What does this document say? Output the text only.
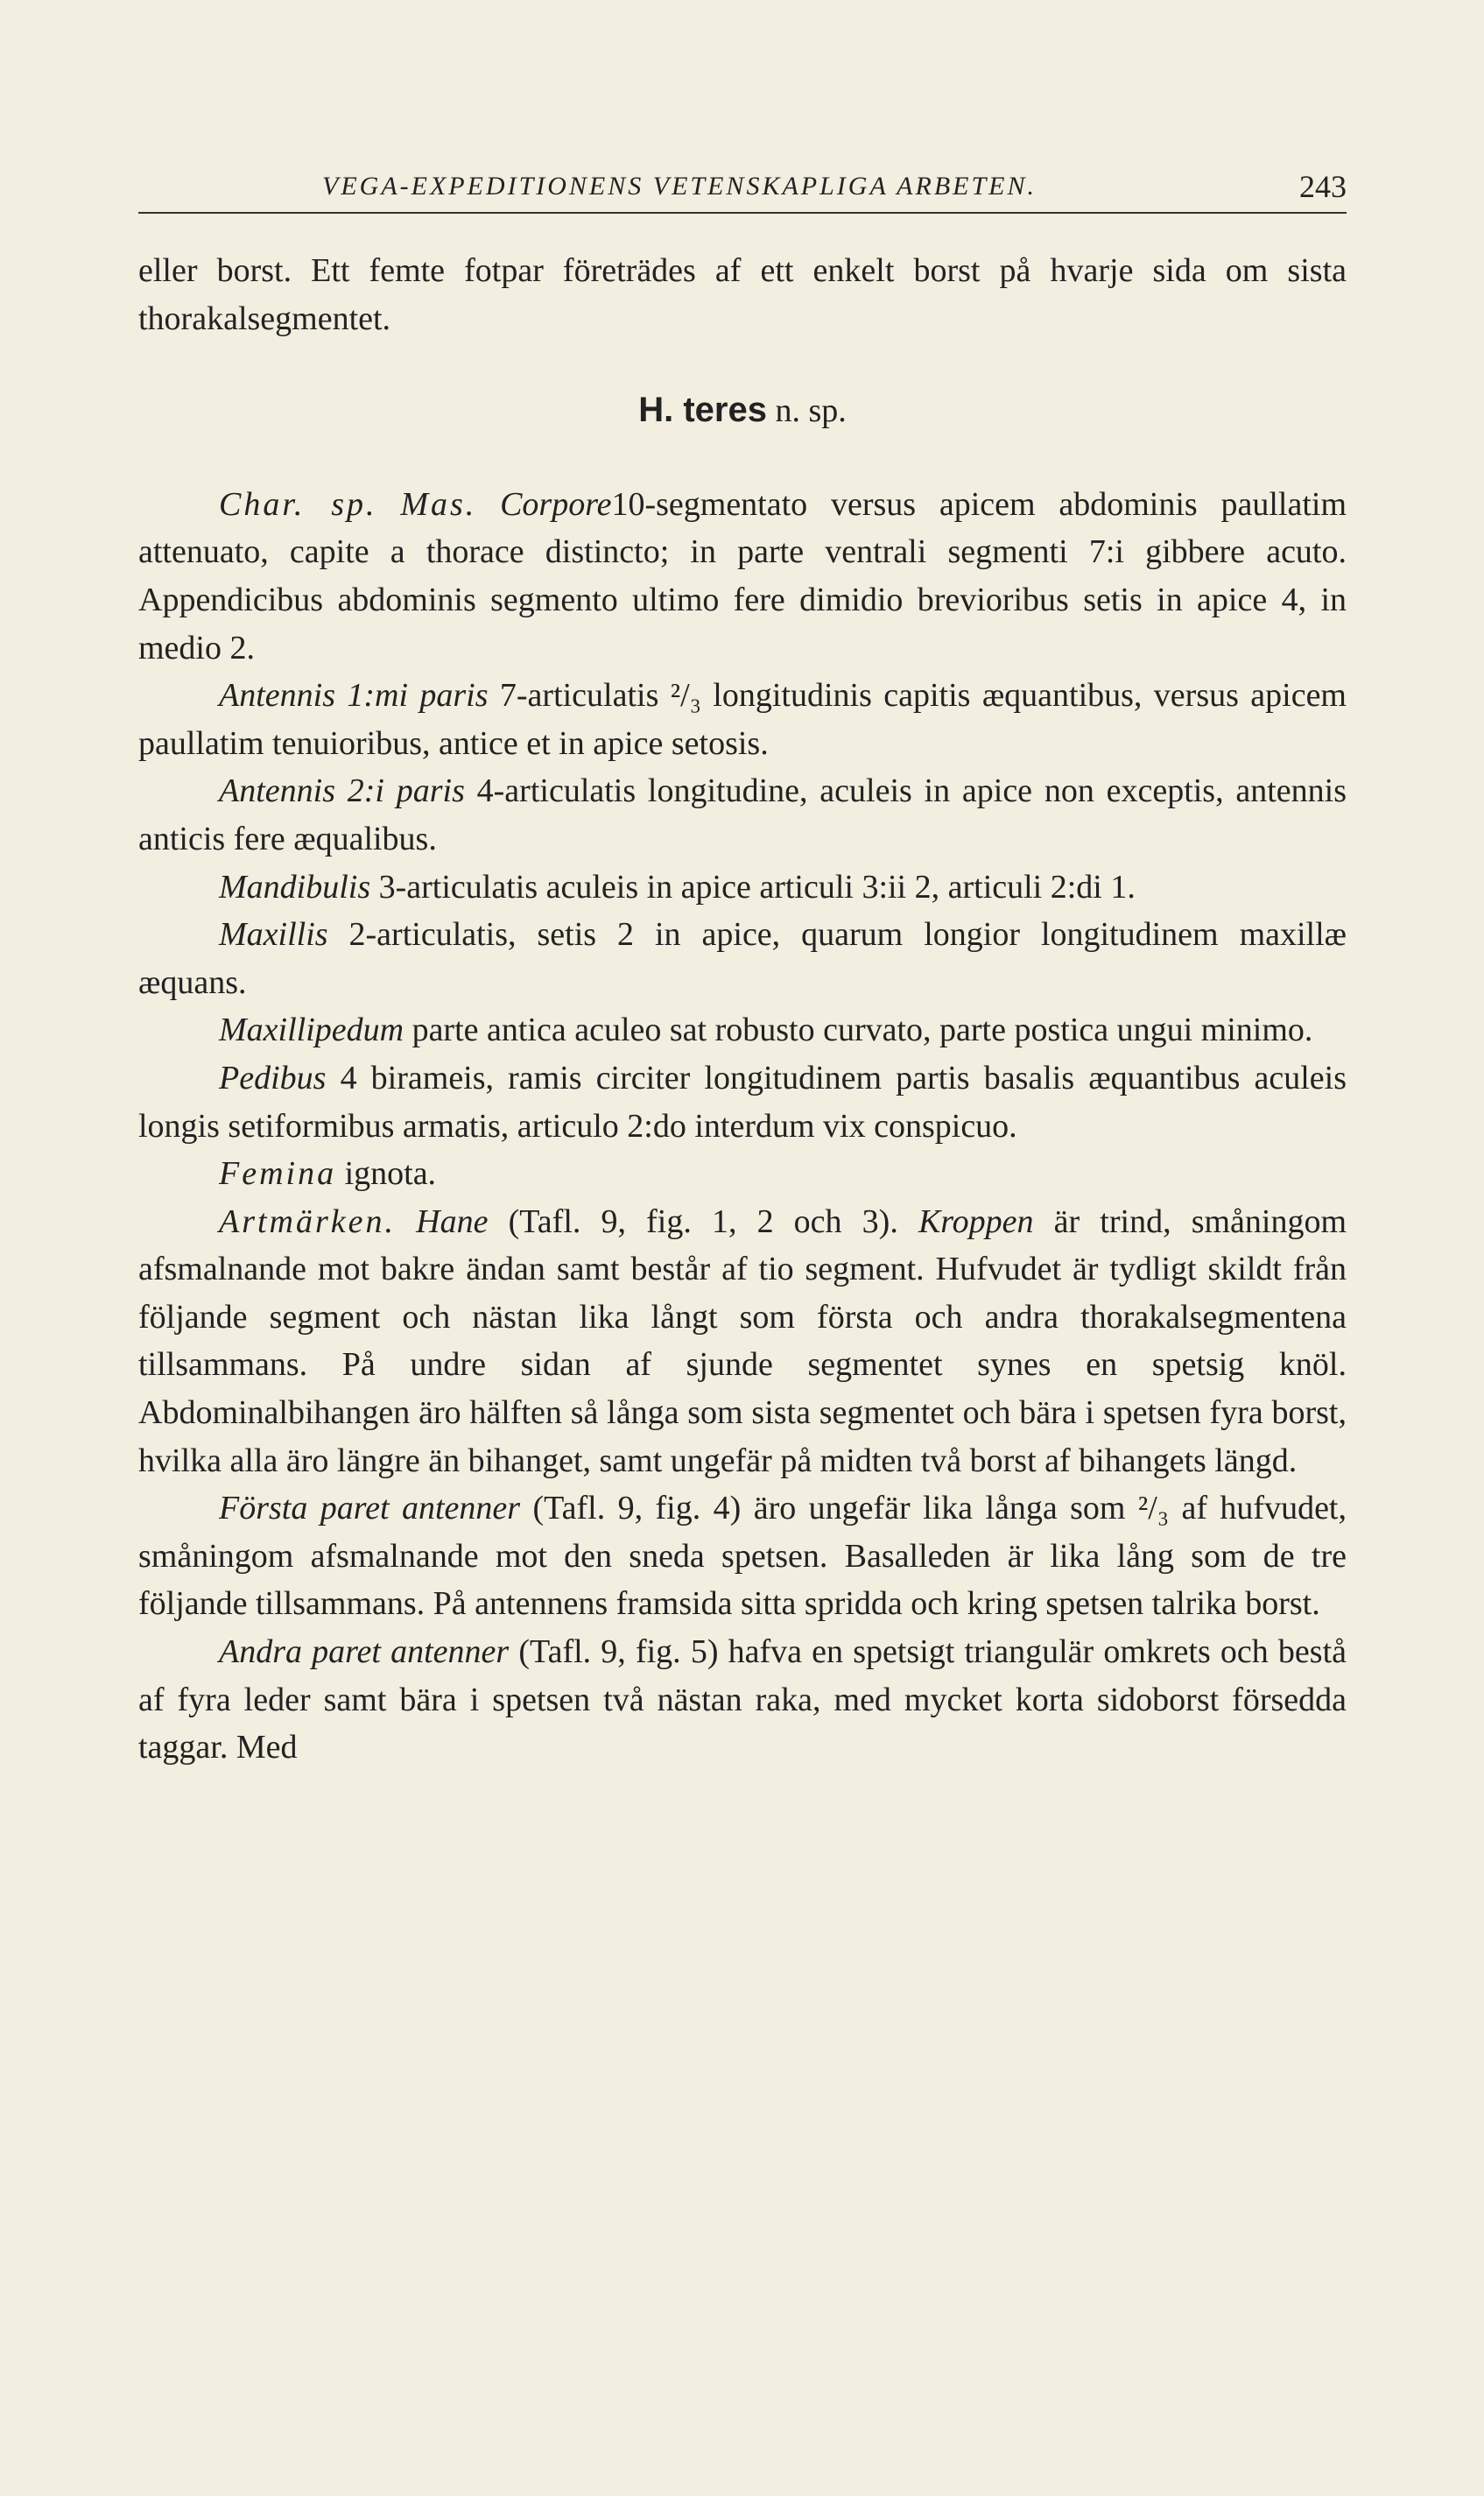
VEGA-EXPEDITIONENS VETENSKAPLIGA ARBETEN.	243

eller borst. Ett femte fotpar företrädes af ett enkelt borst på hvarje sida om sista thorakalsegmentet.

H. teres n. sp.

Char. sp. Mas. Corpore10-segmentato versus apicem abdominis paullatim attenuato, capite a thorace distincto; in parte ventrali segmenti 7:i gibbere acuto. Appendicibus abdominis segmento ultimo fere dimidio brevioribus setis in apice 4, in medio 2.

Antennis 1:mi paris 7-articulatis ²/₃ longitudinis capitis æquantibus, versus apicem paullatim tenuioribus, antice et in apice setosis.

Antennis 2:i paris 4-articulatis longitudine, aculeis in apice non exceptis, antennis anticis fere æqualibus.

Mandibulis 3-articulatis aculeis in apice articuli 3:ii 2, articuli 2:di 1.

Maxillis 2-articulatis, setis 2 in apice, quarum longior longitudinem maxillæ æquans.

Maxillipedum parte antica aculeo sat robusto curvato, parte postica ungui minimo.

Pedibus 4 birameis, ramis circiter longitudinem partis basalis æquantibus aculeis longis setiformibus armatis, articulo 2:do interdum vix conspicuo.

Femina ignota.

Artmärken. Hane (Tafl. 9, fig. 1, 2 och 3). Kroppen är trind, småningom afsmalnande mot bakre ändan samt består af tio segment. Hufvudet är tydligt skildt från följande segment och nästan lika långt som första och andra thorakalsegmentena tillsammans. På undre sidan af sjunde segmentet synes en spetsig knöl. Abdominalbihangen äro hälften så långa som sista segmentet och bära i spetsen fyra borst, hvilka alla äro längre än bihanget, samt ungefär på midten två borst af bihangets längd.

Första paret antenner (Tafl. 9, fig. 4) äro ungefär lika långa som ²/₃ af hufvudet, småningom afsmalnande mot den sneda spetsen. Basalleden är lika lång som de tre följande tillsammans. På antennens framsida sitta spridda och kring spetsen talrika borst.

Andra paret antenner (Tafl. 9, fig. 5) hafva en spetsigt triangulär omkrets och bestå af fyra leder samt bära i spetsen två nästan raka, med mycket korta sidoborst försedda taggar. Med
